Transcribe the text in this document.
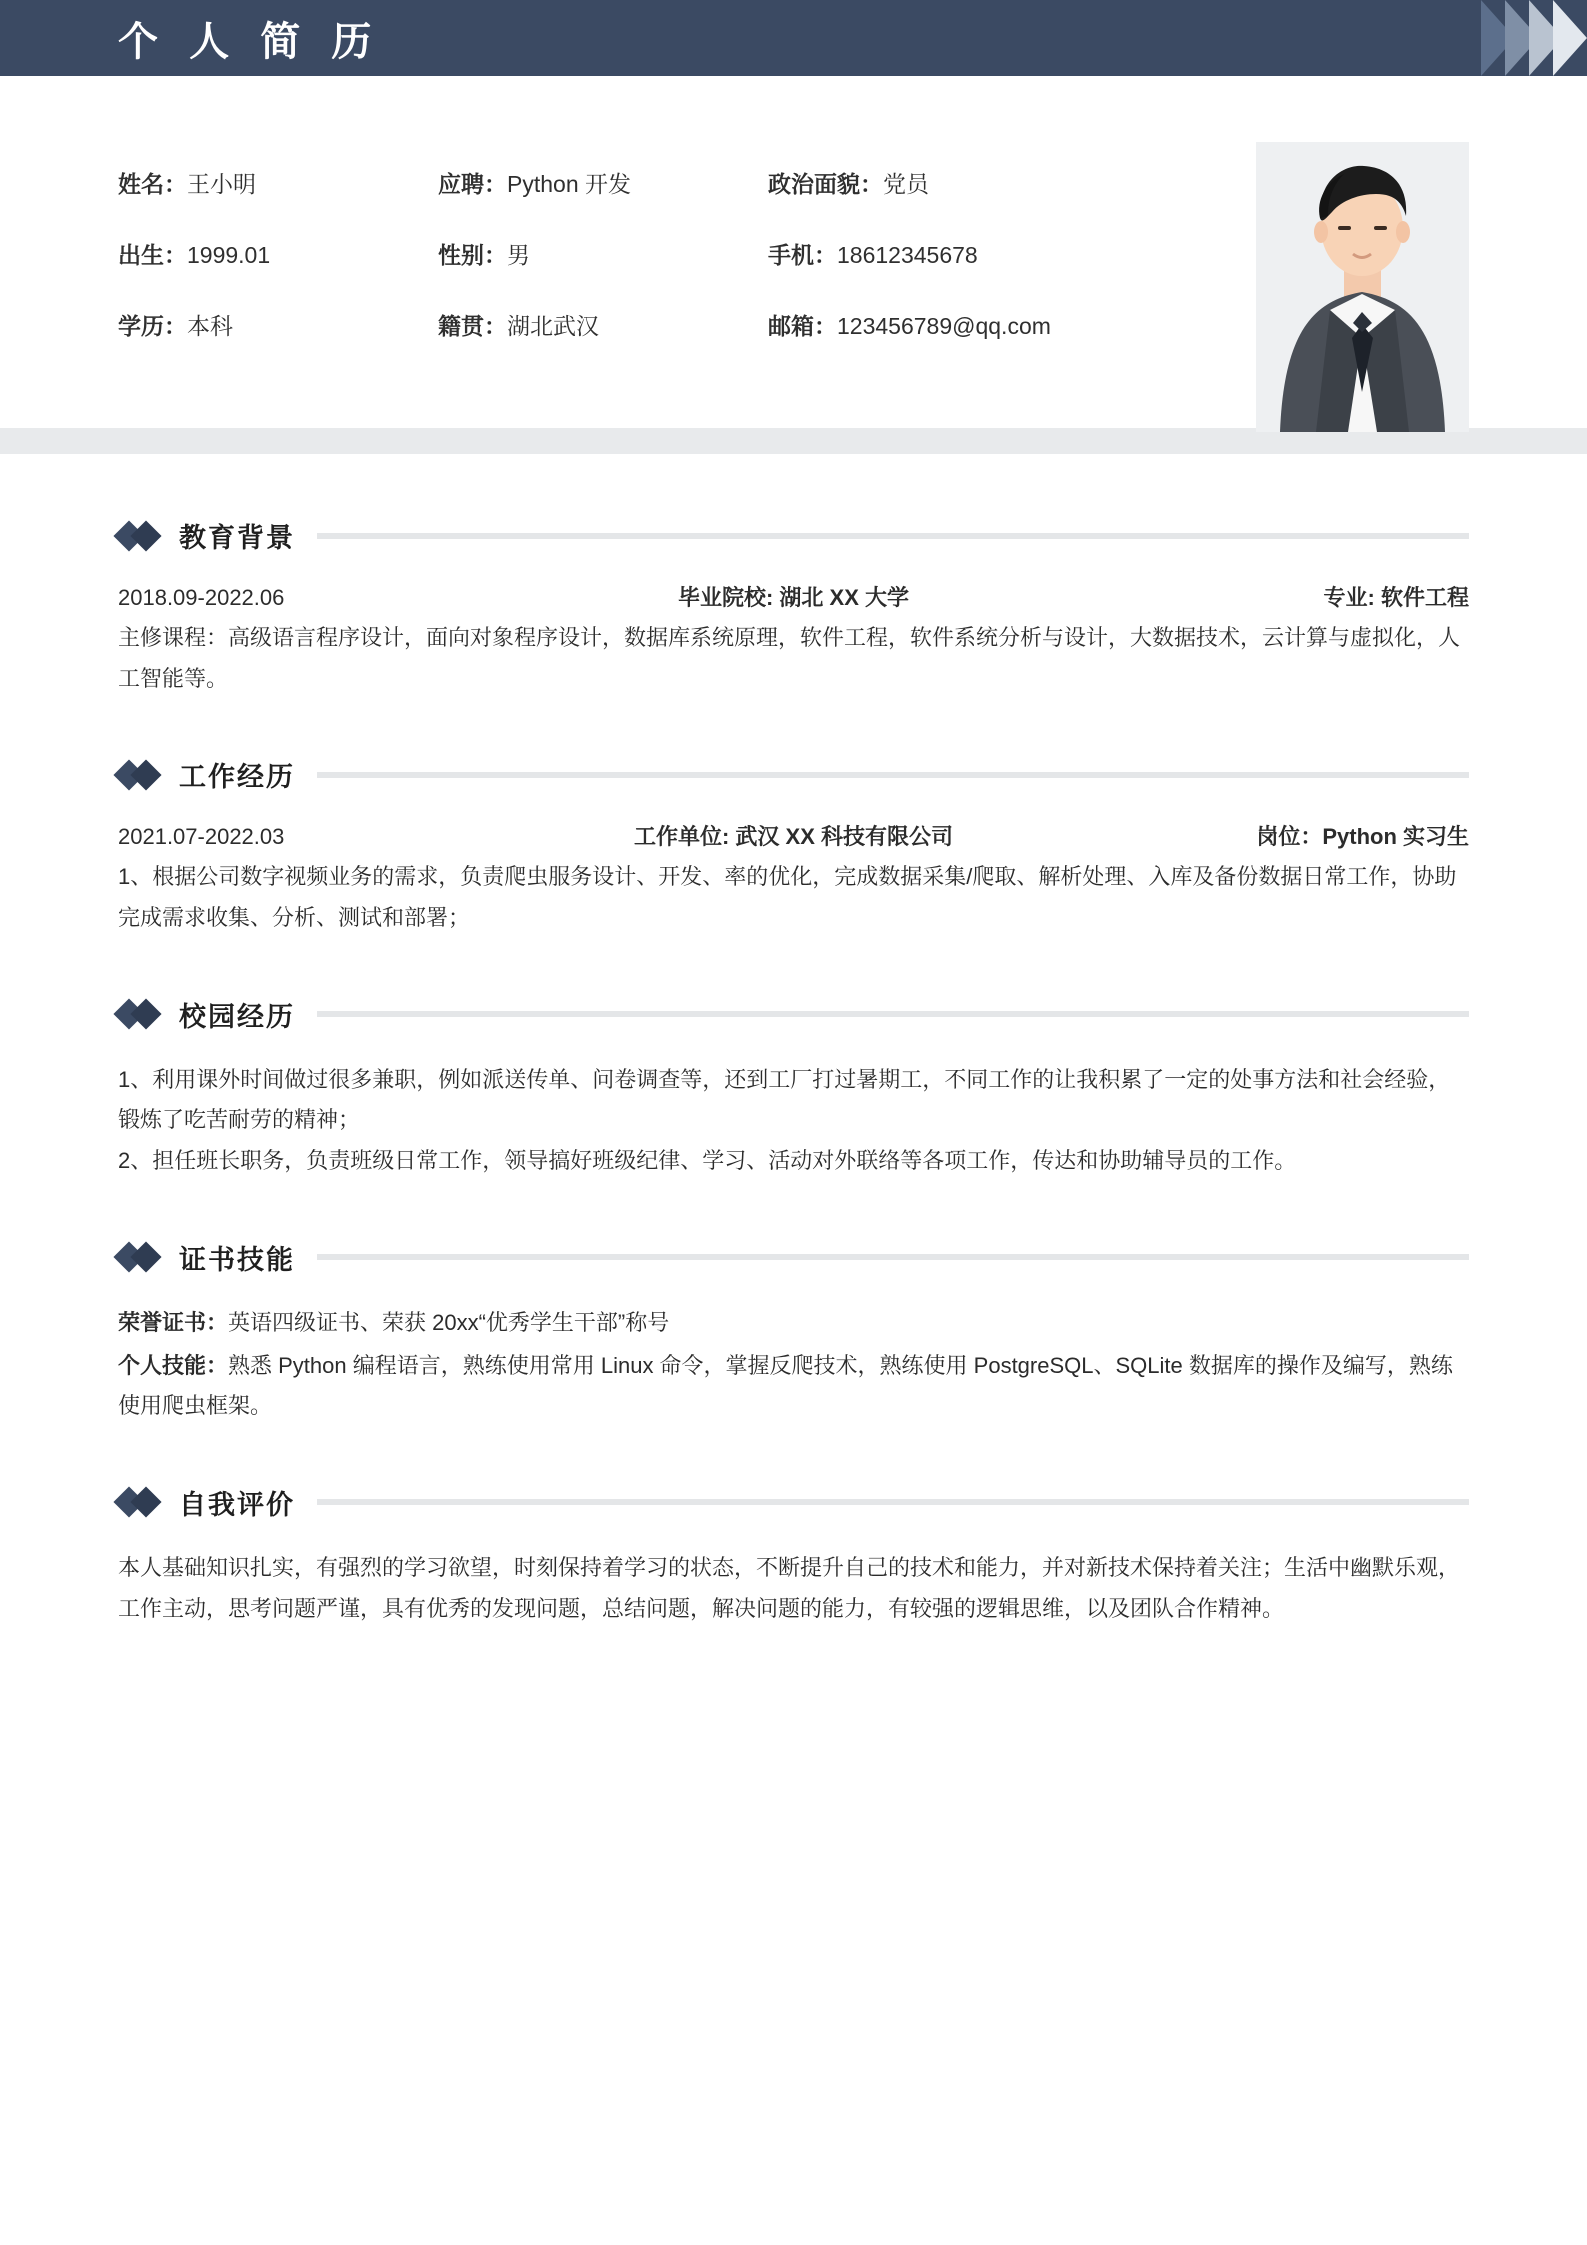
个 人 简 历
姓名：王小明	应聘：Python 开发	政治面貌：党员
出生：1999.01	性别：男	手机：18612345678
学历：本科	籍贯：湖北武汉	邮箱：123456789@qq.com
教育背景
2018.09-2022.06	毕业院校: 湖北 XX 大学	专业: 软件工程

主修课程：高级语言程序设计，面向对象程序设计，数据库系统原理，软件工程，软件系统分析与设计，大数据技术，云计算与虚拟化，人工智能等。

工作经历
2021.07-2022.03	工作单位: 武汉 XX 科技有限公司	岗位：Python 实习生

1、根据公司数字视频业务的需求，负责爬虫服务设计、开发、率的优化，完成数据采集/爬取、解析处理、入库及备份数据日常工作，协助完成需求收集、分析、测试和部署；

校园经历

1、利用课外时间做过很多兼职，例如派送传单、问卷调查等，还到工厂打过暑期工，不同工作的让我积累了一定的处事方法和社会经验，锻炼了吃苦耐劳的精神；

2、担任班长职务，负责班级日常工作，领导搞好班级纪律、学习、活动对外联络等各项工作，传达和协助辅导员的工作。

证书技能

荣誉证书：英语四级证书、荣获 20xx“优秀学生干部”称号

个人技能：熟悉 Python 编程语言，熟练使用常用 Linux 命令，掌握反爬技术，熟练使用 PostgreSQL、SQLite 数据库的操作及编写，熟练使用爬虫框架。

自我评价

本人基础知识扎实，有强烈的学习欲望，时刻保持着学习的状态，不断提升自己的技术和能力，并对新技术保持着关注；生活中幽默乐观，工作主动，思考问题严谨，具有优秀的发现问题，总结问题，解决问题的能力，有较强的逻辑思维，以及团队合作精神。
